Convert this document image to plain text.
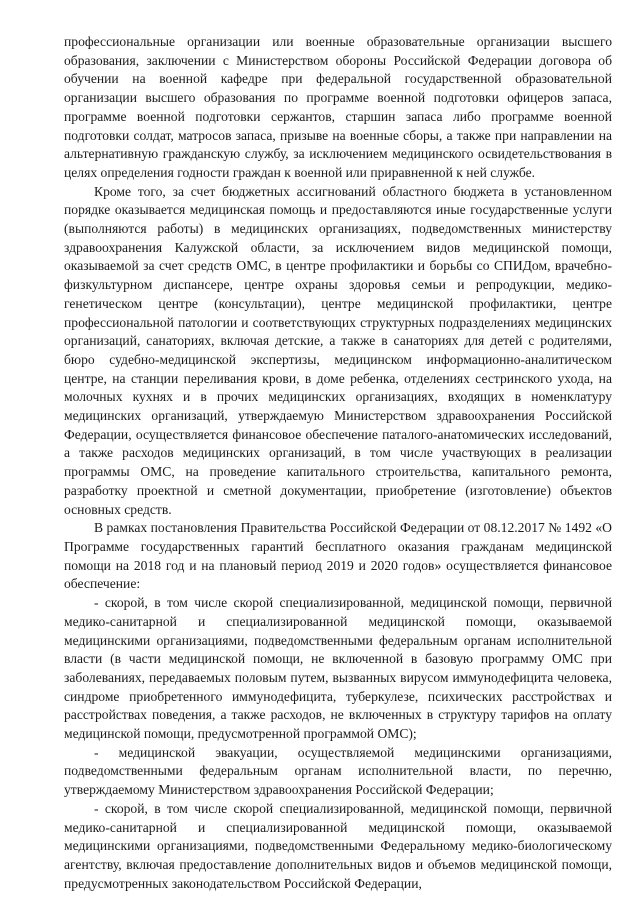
профессиональные организации или военные образовательные организации высшего образования, заключении с Министерством обороны Российской Федерации договора об обучении на военной кафедре при федеральной государственной образовательной организации высшего образования по программе военной подготовки офицеров запаса, программе военной подготовки сержантов, старшин запаса либо программе военной подготовки солдат, матросов запаса, призыве на военные сборы, а также при направлении на альтернативную гражданскую службу, за исключением медицинского освидетельствования в целях определения годности граждан к военной или приравненной к ней службе.

Кроме того, за счет бюджетных ассигнований областного бюджета в установленном порядке оказывается медицинская помощь и предоставляются иные государственные услуги (выполняются работы) в медицинских организациях, подведомственных министерству здравоохранения Калужской области, за исключением видов медицинской помощи, оказываемой за счет средств ОМС, в центре профилактики и борьбы со СПИДом, врачебно-физкультурном диспансере, центре охраны здоровья семьи и репродукции, медико-генетическом центре (консультации), центре медицинской профилактики, центре профессиональной патологии и соответствующих структурных подразделениях медицинских организаций, санаториях, включая детские, а также в санаториях для детей с родителями, бюро судебно-медицинской экспертизы, медицинском информационно-аналитическом центре, на станции переливания крови, в доме ребенка, отделениях сестринского ухода, на молочных кухнях и в прочих медицинских организациях, входящих в номенклатуру медицинских организаций, утверждаемую Министерством здравоохранения Российской Федерации, осуществляется финансовое обеспечение паталого-анатомических исследований, а также расходов медицинских организаций, в том числе участвующих в реализации программы ОМС, на проведение капитального строительства, капитального ремонта, разработку проектной и сметной документации, приобретение (изготовление) объектов основных средств.

В рамках постановления Правительства Российской Федерации от 08.12.2017 № 1492 «О Программе государственных гарантий бесплатного оказания гражданам медицинской помощи на 2018 год и на плановый период 2019 и 2020 годов» осуществляется финансовое обеспечение:

- скорой, в том числе скорой специализированной, медицинской помощи, первичной медико-санитарной и специализированной медицинской помощи, оказываемой медицинскими организациями, подведомственными федеральным органам исполнительной власти (в части медицинской помощи, не включенной в базовую программу ОМС при заболеваниях, передаваемых половым путем, вызванных вирусом иммунодефицита человека, синдроме приобретенного иммунодефицита, туберкулезе, психических расстройствах и расстройствах поведения, а также расходов, не включенных в структуру тарифов на оплату медицинской помощи, предусмотренной программой ОМС);

- медицинской эвакуации, осуществляемой медицинскими организациями, подведомственными федеральным органам исполнительной власти, по перечню, утверждаемому Министерством здравоохранения Российской Федерации;

- скорой, в том числе скорой специализированной, медицинской помощи, первичной медико-санитарной и специализированной медицинской помощи, оказываемой медицинскими организациями, подведомственными Федеральному медико-биологическому агентству, включая предоставление дополнительных видов и объемов медицинской помощи, предусмотренных законодательством Российской Федерации,
